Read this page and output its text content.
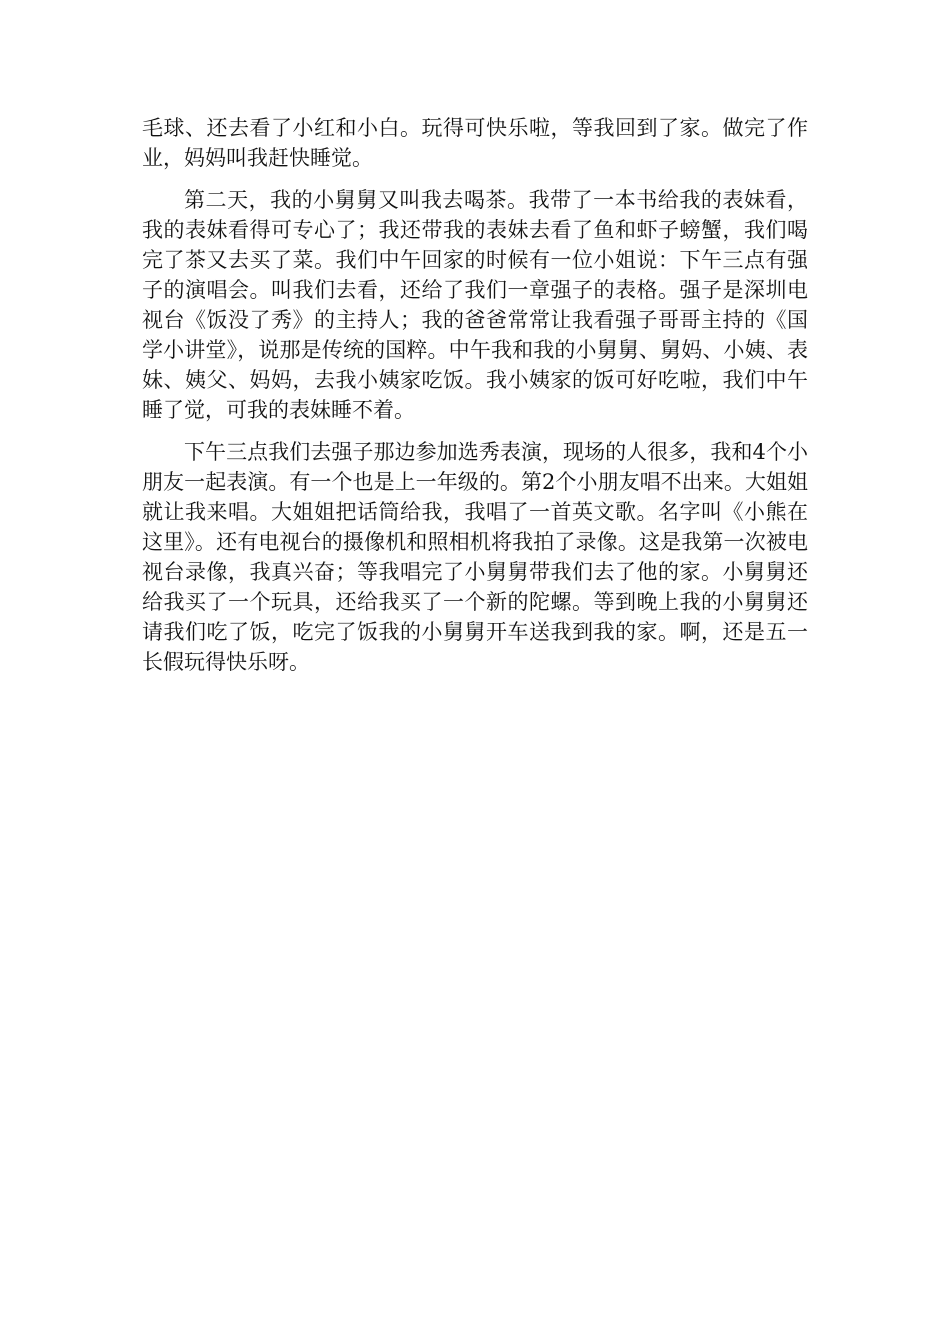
毛球、还去看了小红和小白。玩得可快乐啦，等我回到了家。做完了作业，妈妈叫我赶快睡觉。

第二天，我的小舅舅又叫我去喝茶。我带了一本书给我的表妹看，我的表妹看得可专心了；我还带我的表妹去看了鱼和虾子螃蟹，我们喝完了茶又去买了菜。我们中午回家的时候有一位小姐说：下午三点有强子的演唱会。叫我们去看，还给了我们一章强子的表格。强子是深圳电视台《饭没了秀》的主持人；我的爸爸常常让我看强子哥哥主持的《国学小讲堂》，说那是传统的国粹。中午我和我的小舅舅、舅妈、小姨、表妹、姨父、妈妈，去我小姨家吃饭。我小姨家的饭可好吃啦，我们中午睡了觉，可我的表妹睡不着。

下午三点我们去强子那边参加选秀表演，现场的人很多，我和4个小朋友一起表演。有一个也是上一年级的。第2个小朋友唱不出来。大姐姐就让我来唱。大姐姐把话筒给我，我唱了一首英文歌。名字叫《小熊在这里》。还有电视台的摄像机和照相机将我拍了录像。这是我第一次被电视台录像，我真兴奋；等我唱完了小舅舅带我们去了他的家。小舅舅还给我买了一个玩具，还给我买了一个新的陀螺。等到晚上我的小舅舅还请我们吃了饭，吃完了饭我的小舅舅开车送我到我的家。啊，还是五一长假玩得快乐呀。
